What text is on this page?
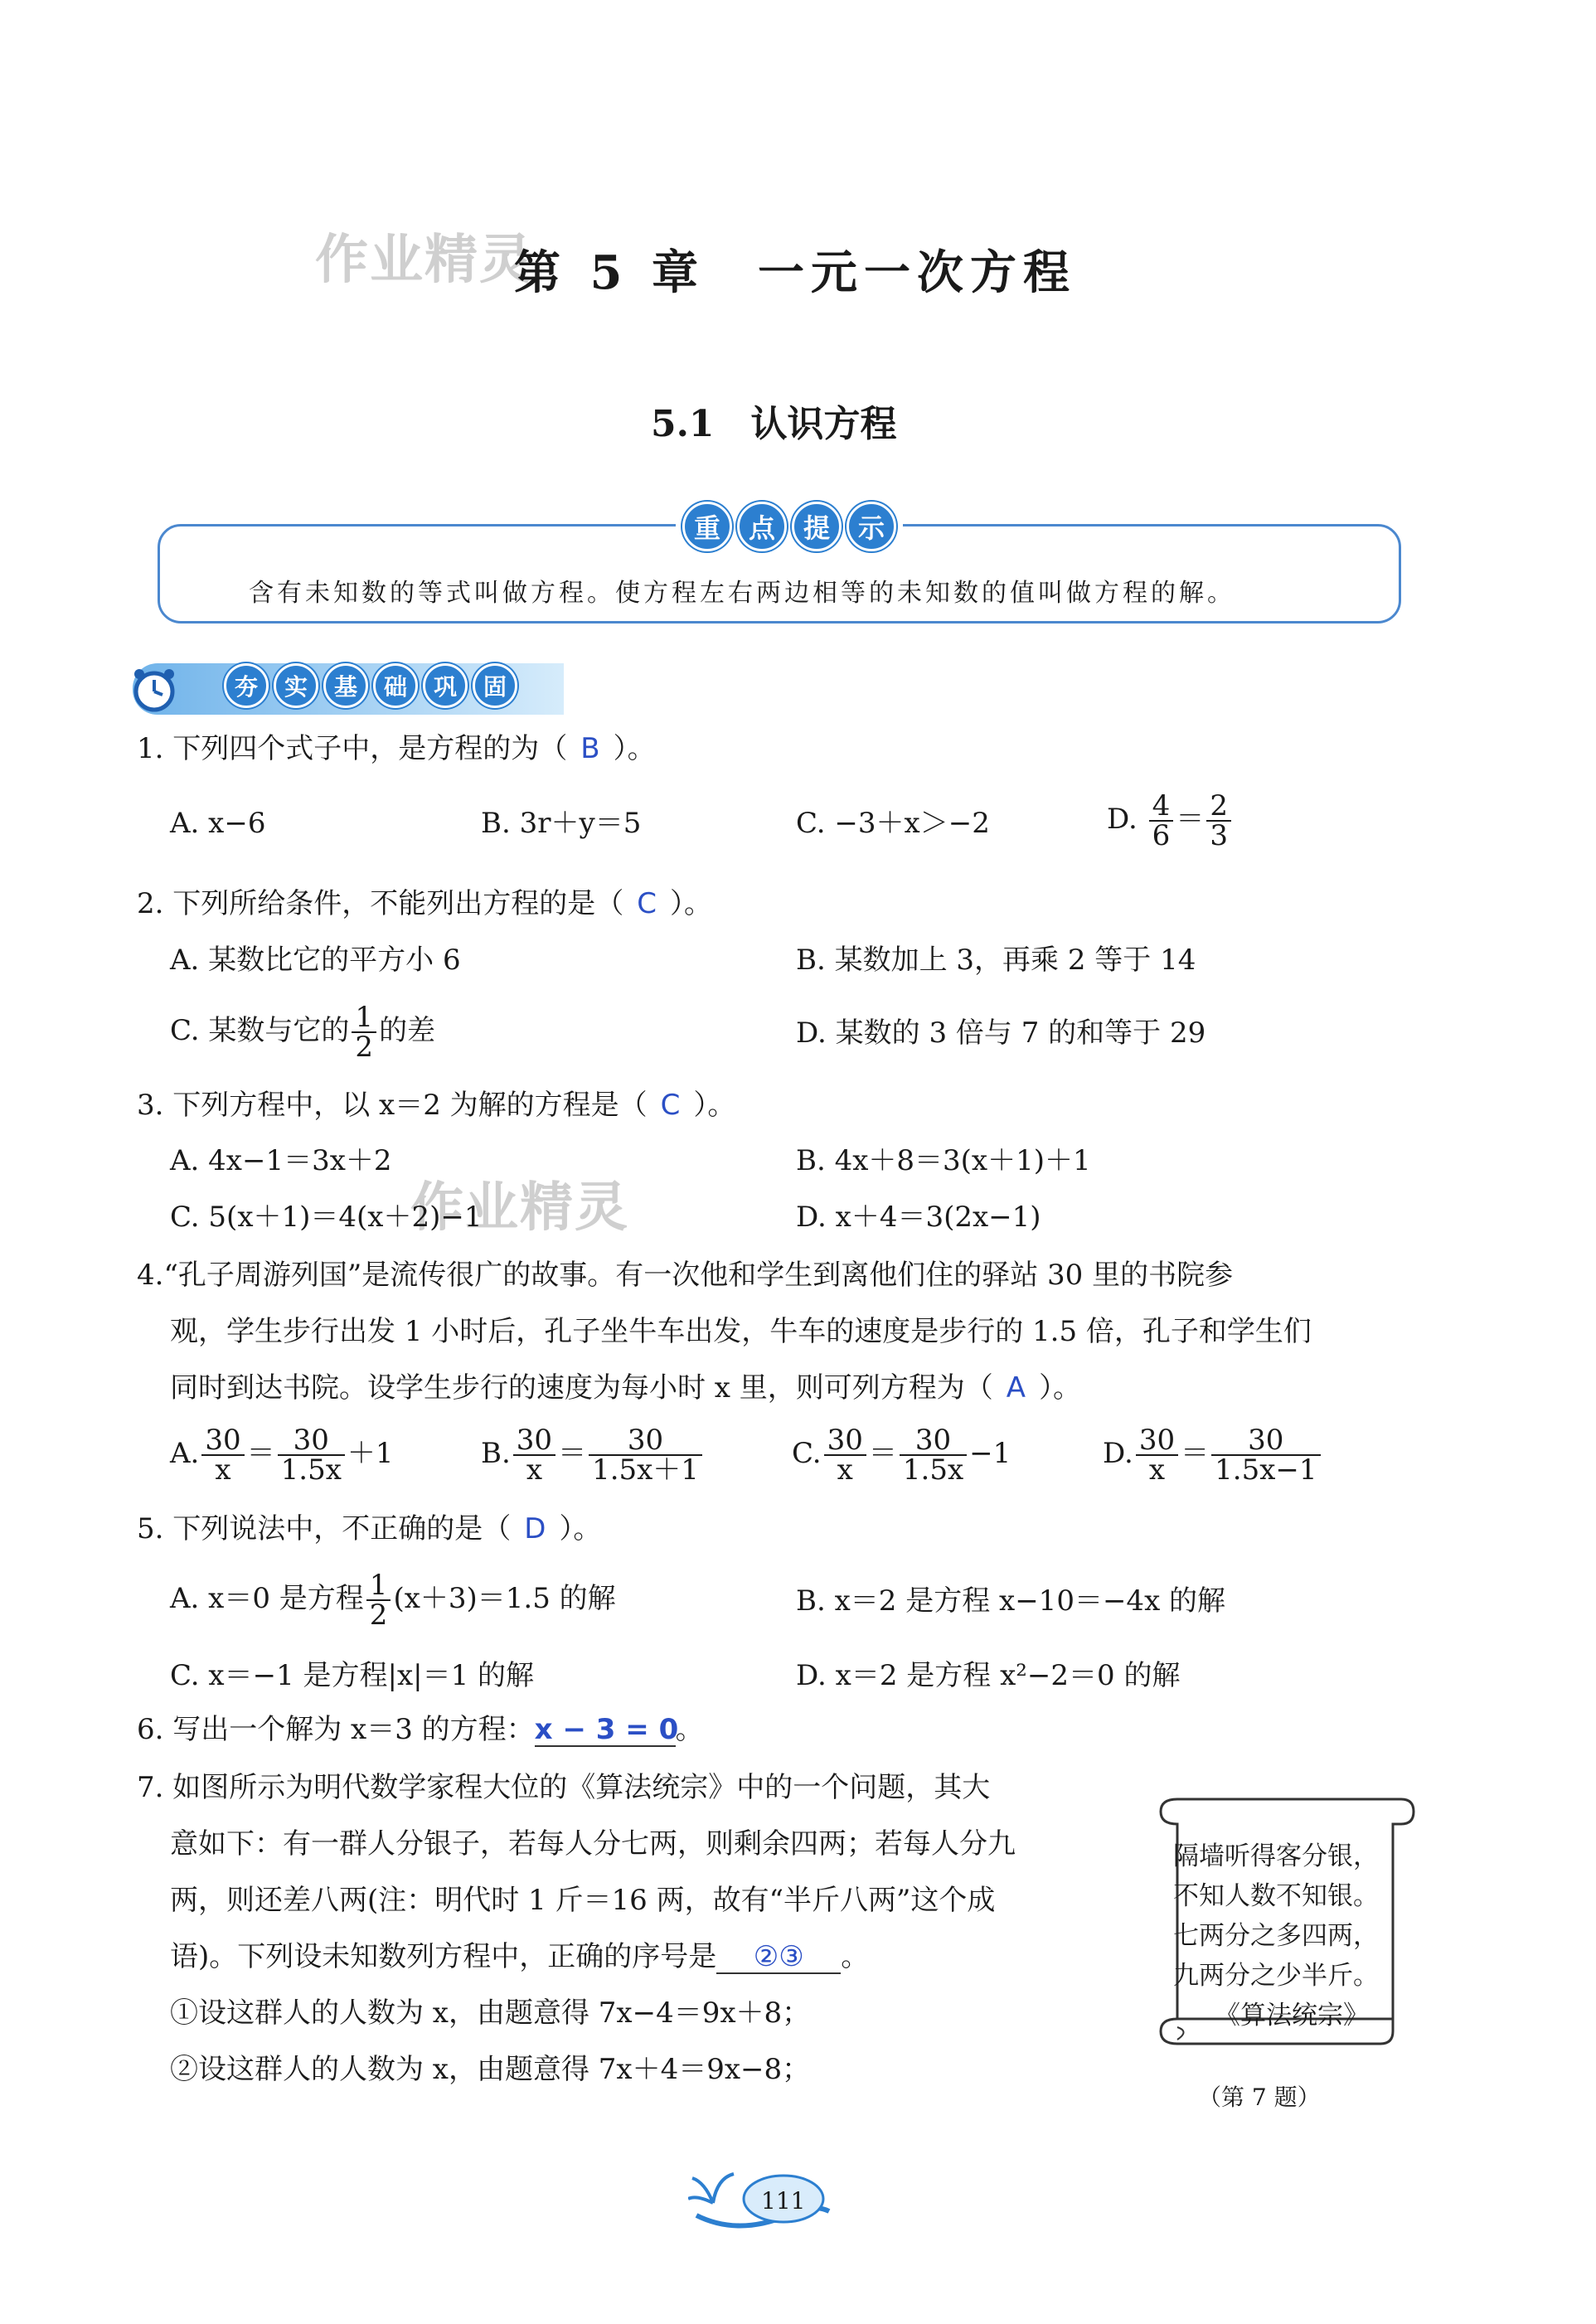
作业精灵
作业精灵
第 5 章　一元一次方程
5.1　认识方程
重	点	提	示
含有未知数的等式叫做方程。使方程左右两边相等的未知数的值叫做方程的解。
夯	实	基	础	巩	固
1. 下列四个式子中，是方程的为（ B ）。
A. x−6	B. 3r＋y＝5	C. −3＋x＞−2	D. $\frac{4}{6} = \frac{2}{3}$
2. 下列所给条件，不能列出方程的是（ C ）。
A. 某数比它的平方小 6	B. 某数加上 3，再乘 2 等于 14
C. 某数与它的 $\frac{1}{2}$ 的差	D. 某数的 3 倍与 7 的和等于 29
3. 下列方程中，以 x＝2 为解的方程是（ C ）。
A. 4x−1＝3x＋2	B. 4x＋8＝3(x＋1)＋1
C. 5(x＋1)＝4(x＋2)−1	D. x＋4＝3(2x−1)
4.“孔子周游列国”是流传很广的故事。有一次他和学生到离他们住的驿站 30 里的书院参
观，学生步行出发 1 小时后，孔子坐牛车出发，牛车的速度是步行的 1.5 倍，孔子和学生们
同时到达书院。设学生步行的速度为每小时 x 里，则可列方程为（ A ）。
A. $\frac{30}{x} = \frac{30}{1.5x} +1$	B. $\frac{30}{x} = \frac{30}{1.5x+1}$	C. $\frac{30}{x} = \frac{30}{1.5x} -1$	D. $\frac{30}{x} = \frac{30}{1.5x-1}$
5. 下列说法中，不正确的是（ D ）。
A. x＝0 是方程 $\frac{1}{2} (x+3)=1.5$ 的解	B. x＝2 是方程 x−10＝−4x 的解
C. x＝−1 是方程|x|＝1 的解	D. x＝2 是方程 x²−2＝0 的解
6. 写出一个解为 x＝3 的方程：x − 3 = 0。
7. 如图所示为明代数学家程大位的《算法统宗》中的一个问题，其大
意如下：有一群人分银子，若每人分七两，则剩余四两；若每人分九
两，则还差八两(注：明代时 1 斤＝16 两，故有“半斤八两”这个成
语)。下列设未知数列方程中，正确的序号是 ②③ 。
①设这群人的人数为 x，由题意得 7x−4＝9x＋8；
②设这群人的人数为 x，由题意得 7x＋4＝9x−8；
隔墙听得客分银，
不知人数不知银。
七两分之多四两，
九两分之少半斤。
《算法统宗》
（第 7 题）
111
